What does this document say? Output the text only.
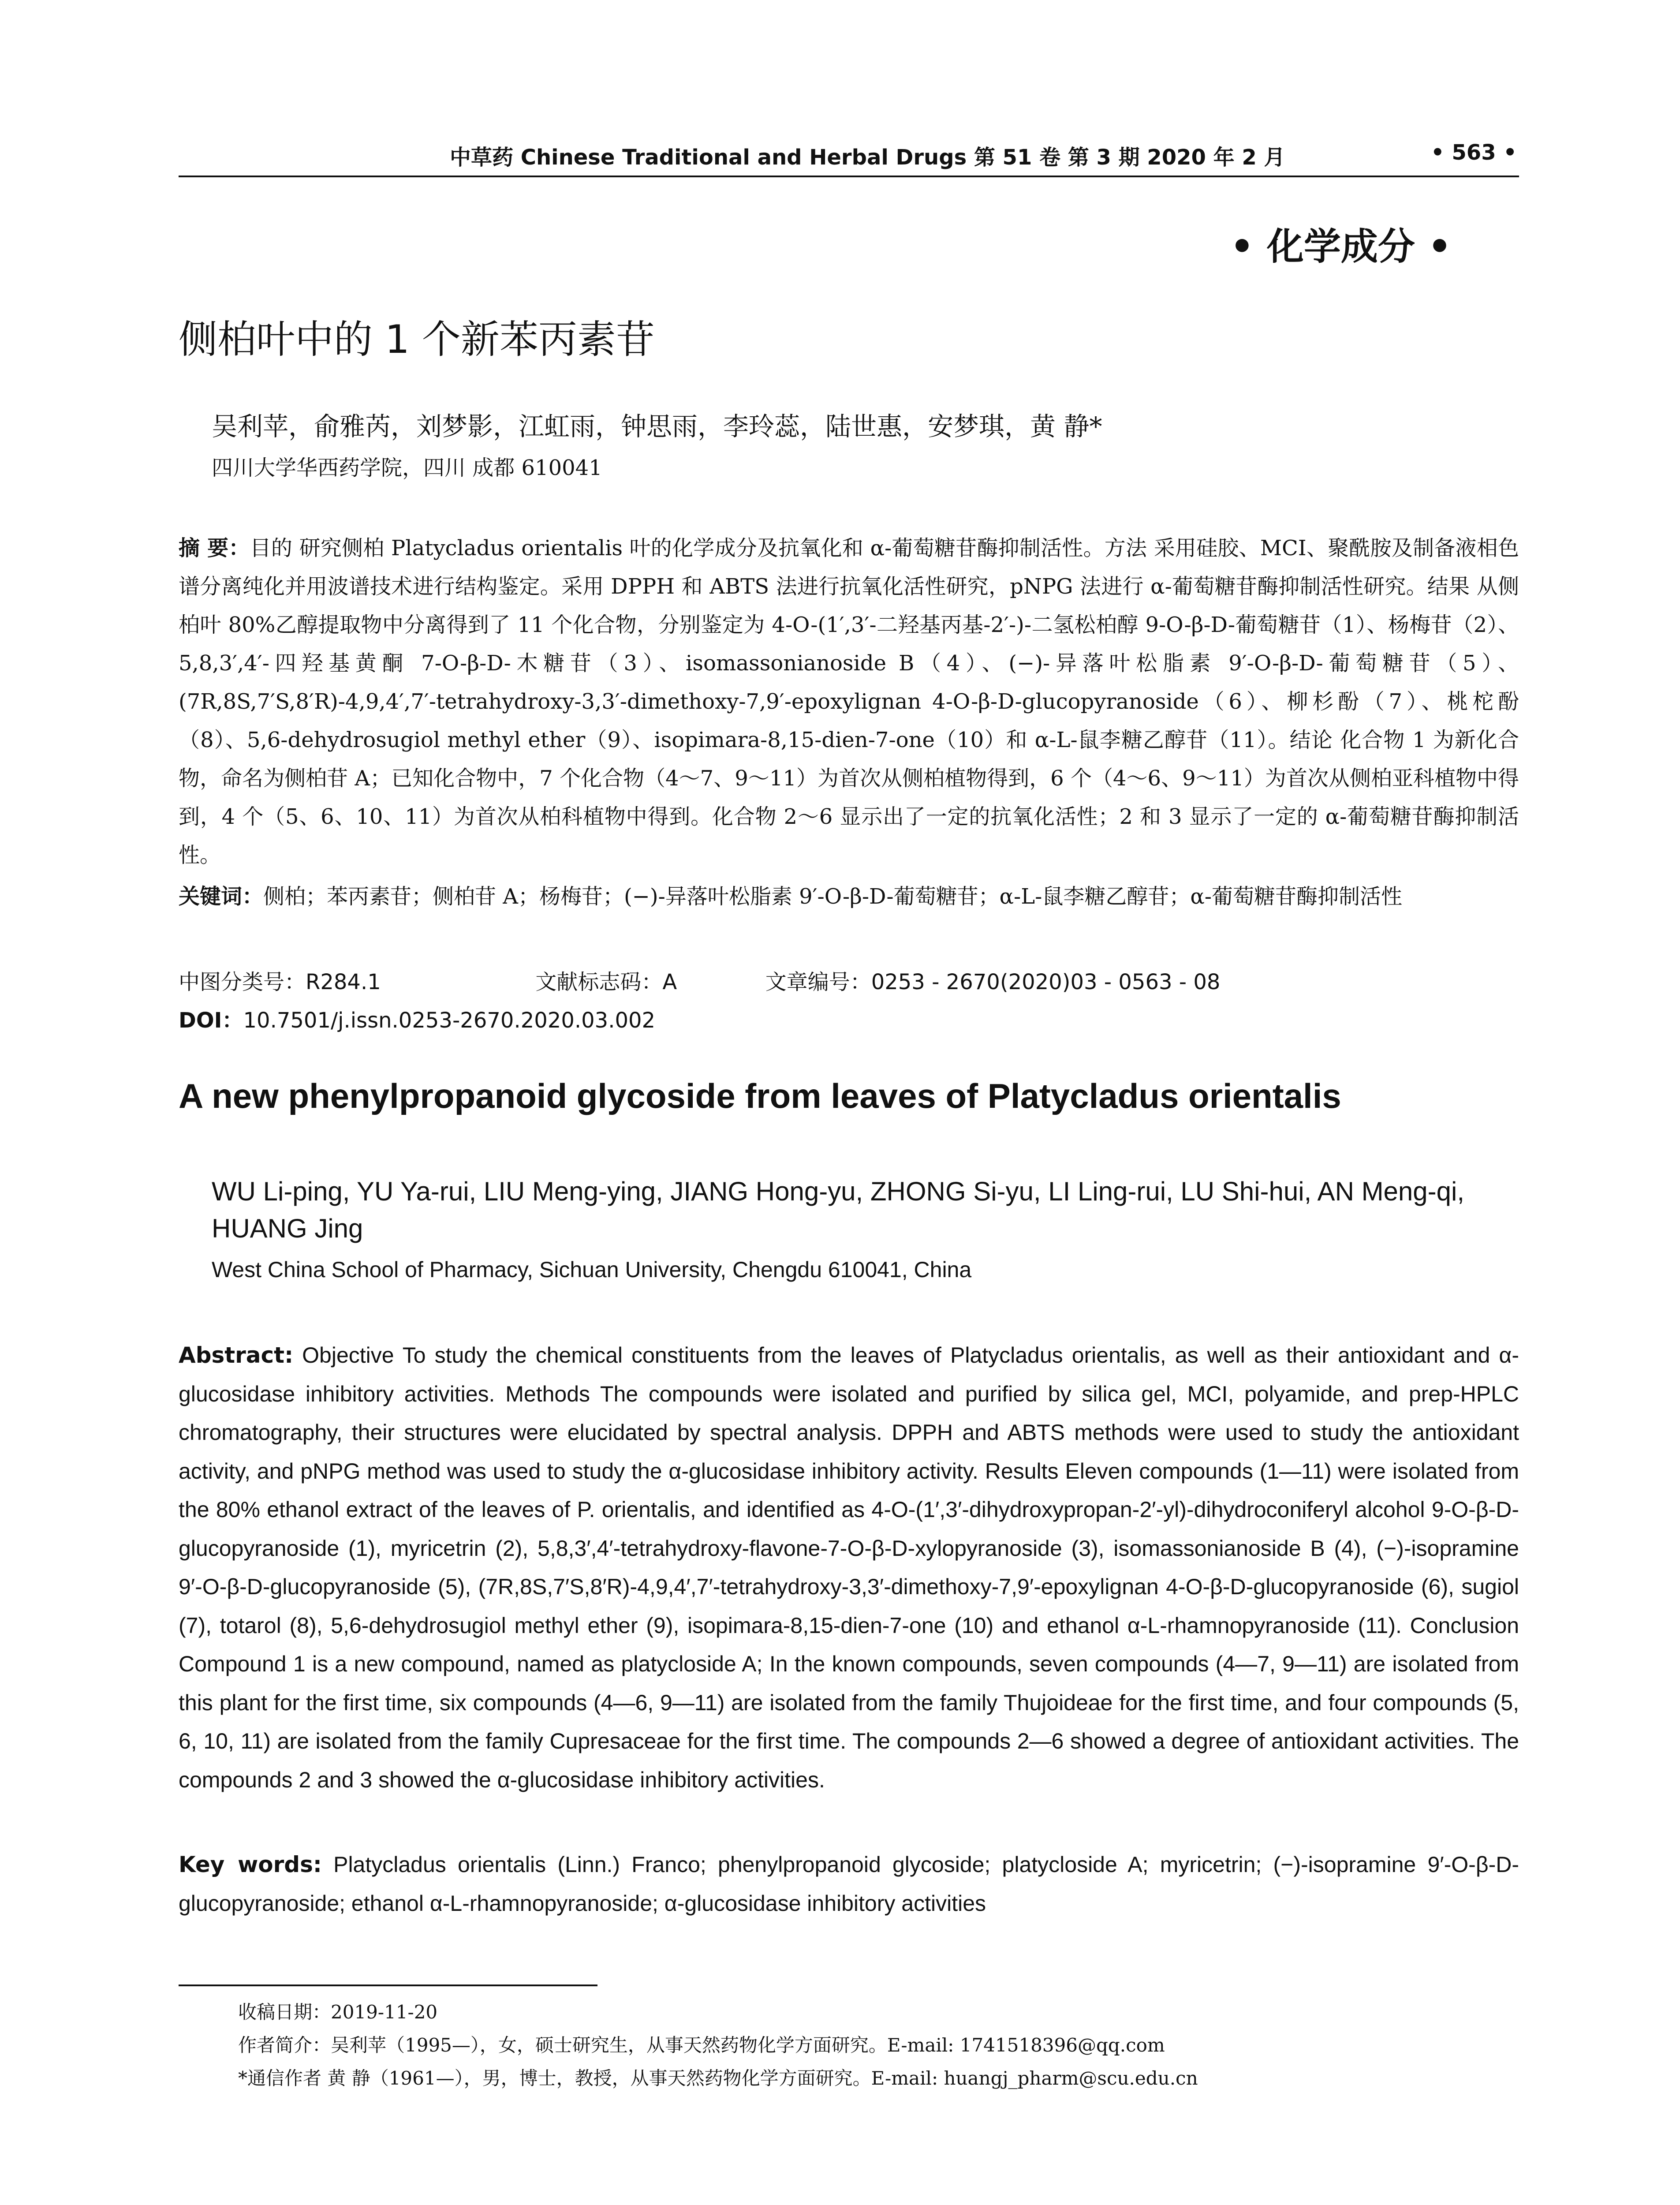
中草药 Chinese Traditional and Herbal Drugs 第 51 卷 第 3 期 2020 年 2 月	• 563 •
• 化学成分 •
侧柏叶中的 1 个新苯丙素苷
吴利苹，俞雅芮，刘梦影，江虹雨，钟思雨，李玲蕊，陆世惠，安梦琪，黄 静*
四川大学华西药学院，四川 成都 610041
摘 要：目的 研究侧柏 Platycladus orientalis 叶的化学成分及抗氧化和 α-葡萄糖苷酶抑制活性。方法 采用硅胶、MCI、聚酰胺及制备液相色谱分离纯化并用波谱技术进行结构鉴定。采用 DPPH 和 ABTS 法进行抗氧化活性研究，pNPG 法进行 α-葡萄糖苷酶抑制活性研究。结果 从侧柏叶 80%乙醇提取物中分离得到了 11 个化合物，分别鉴定为 4-O-(1′,3′-二羟基丙基-2′-)-二氢松柏醇 9-O-β-D-葡萄糖苷（1）、杨梅苷（2）、5,8,3′,4′-四羟基黄酮 7-O-β-D-木糖苷（3）、isomassonianoside B（4）、(−)-异落叶松脂素 9′-O-β-D-葡萄糖苷（5）、(7R,8S,7′S,8′R)-4,9,4′,7′-tetrahydroxy-3,3′-dimethoxy-7,9′-epoxylignan 4-O-β-D-glucopyranoside（6）、柳杉酚（7）、桃柁酚（8）、5,6-dehydrosugiol methyl ether（9）、isopimara-8,15-dien-7-one（10）和 α-L-鼠李糖乙醇苷（11）。结论 化合物 1 为新化合物，命名为侧柏苷 A；已知化合物中，7 个化合物（4～7、9～11）为首次从侧柏植物得到，6 个（4～6、9～11）为首次从侧柏亚科植物中得到，4 个（5、6、10、11）为首次从柏科植物中得到。化合物 2～6 显示出了一定的抗氧化活性；2 和 3 显示了一定的 α-葡萄糖苷酶抑制活性。
关键词：侧柏；苯丙素苷；侧柏苷 A；杨梅苷；(−)-异落叶松脂素 9′-O-β-D-葡萄糖苷；α-L-鼠李糖乙醇苷；α-葡萄糖苷酶抑制活性
中图分类号：R284.1	文献标志码：A	文章编号：0253 - 2670(2020)03 - 0563 - 08
DOI：10.7501/j.issn.0253-2670.2020.03.002
A new phenylpropanoid glycoside from leaves of Platycladus orientalis
WU Li-ping, YU Ya-rui, LIU Meng-ying, JIANG Hong-yu, ZHONG Si-yu, LI Ling-rui, LU Shi-hui, AN Meng-qi, HUANG Jing
West China School of Pharmacy, Sichuan University, Chengdu 610041, China
Abstract: Objective To study the chemical constituents from the leaves of Platycladus orientalis, as well as their antioxidant and α-glucosidase inhibitory activities. Methods The compounds were isolated and purified by silica gel, MCI, polyamide, and prep-HPLC chromatography, their structures were elucidated by spectral analysis. DPPH and ABTS methods were used to study the antioxidant activity, and pNPG method was used to study the α-glucosidase inhibitory activity. Results Eleven compounds (1—11) were isolated from the 80% ethanol extract of the leaves of P. orientalis, and identified as 4-O-(1′,3′-dihydroxypropan-2′-yl)-dihydroconiferyl alcohol 9-O-β-D-glucopyranoside (1), myricetrin (2), 5,8,3′,4′-tetrahydroxy-flavone-7-O-β-D-xylopyranoside (3), isomassonianoside B (4), (−)-isopramine 9′-O-β-D-glucopyranoside (5), (7R,8S,7′S,8′R)-4,9,4′,7′-tetrahydroxy-3,3′-dimethoxy-7,9′-epoxylignan 4-O-β-D-glucopyranoside (6), sugiol (7), totarol (8), 5,6-dehydrosugiol methyl ether (9), isopimara-8,15-dien-7-one (10) and ethanol α-L-rhamnopyranoside (11). Conclusion Compound 1 is a new compound, named as platycloside A; In the known compounds, seven compounds (4—7, 9—11) are isolated from this plant for the first time, six compounds (4—6, 9—11) are isolated from the family Thujoideae for the first time, and four compounds (5, 6, 10, 11) are isolated from the family Cupresaceae for the first time. The compounds 2—6 showed a degree of antioxidant activities. The compounds 2 and 3 showed the α-glucosidase inhibitory activities.
Key words: Platycladus orientalis (Linn.) Franco; phenylpropanoid glycoside; platycloside A; myricetrin; (−)-isopramine 9′-O-β-D- glucopyranoside; ethanol α-L-rhamnopyranoside; α-glucosidase inhibitory activities
收稿日期：2019-11-20
作者简介：吴利苹（1995—），女，硕士研究生，从事天然药物化学方面研究。E-mail: 1741518396@qq.com
*通信作者 黄 静（1961—），男，博士，教授，从事天然药物化学方面研究。E-mail: huangj_pharm@scu.edu.cn
